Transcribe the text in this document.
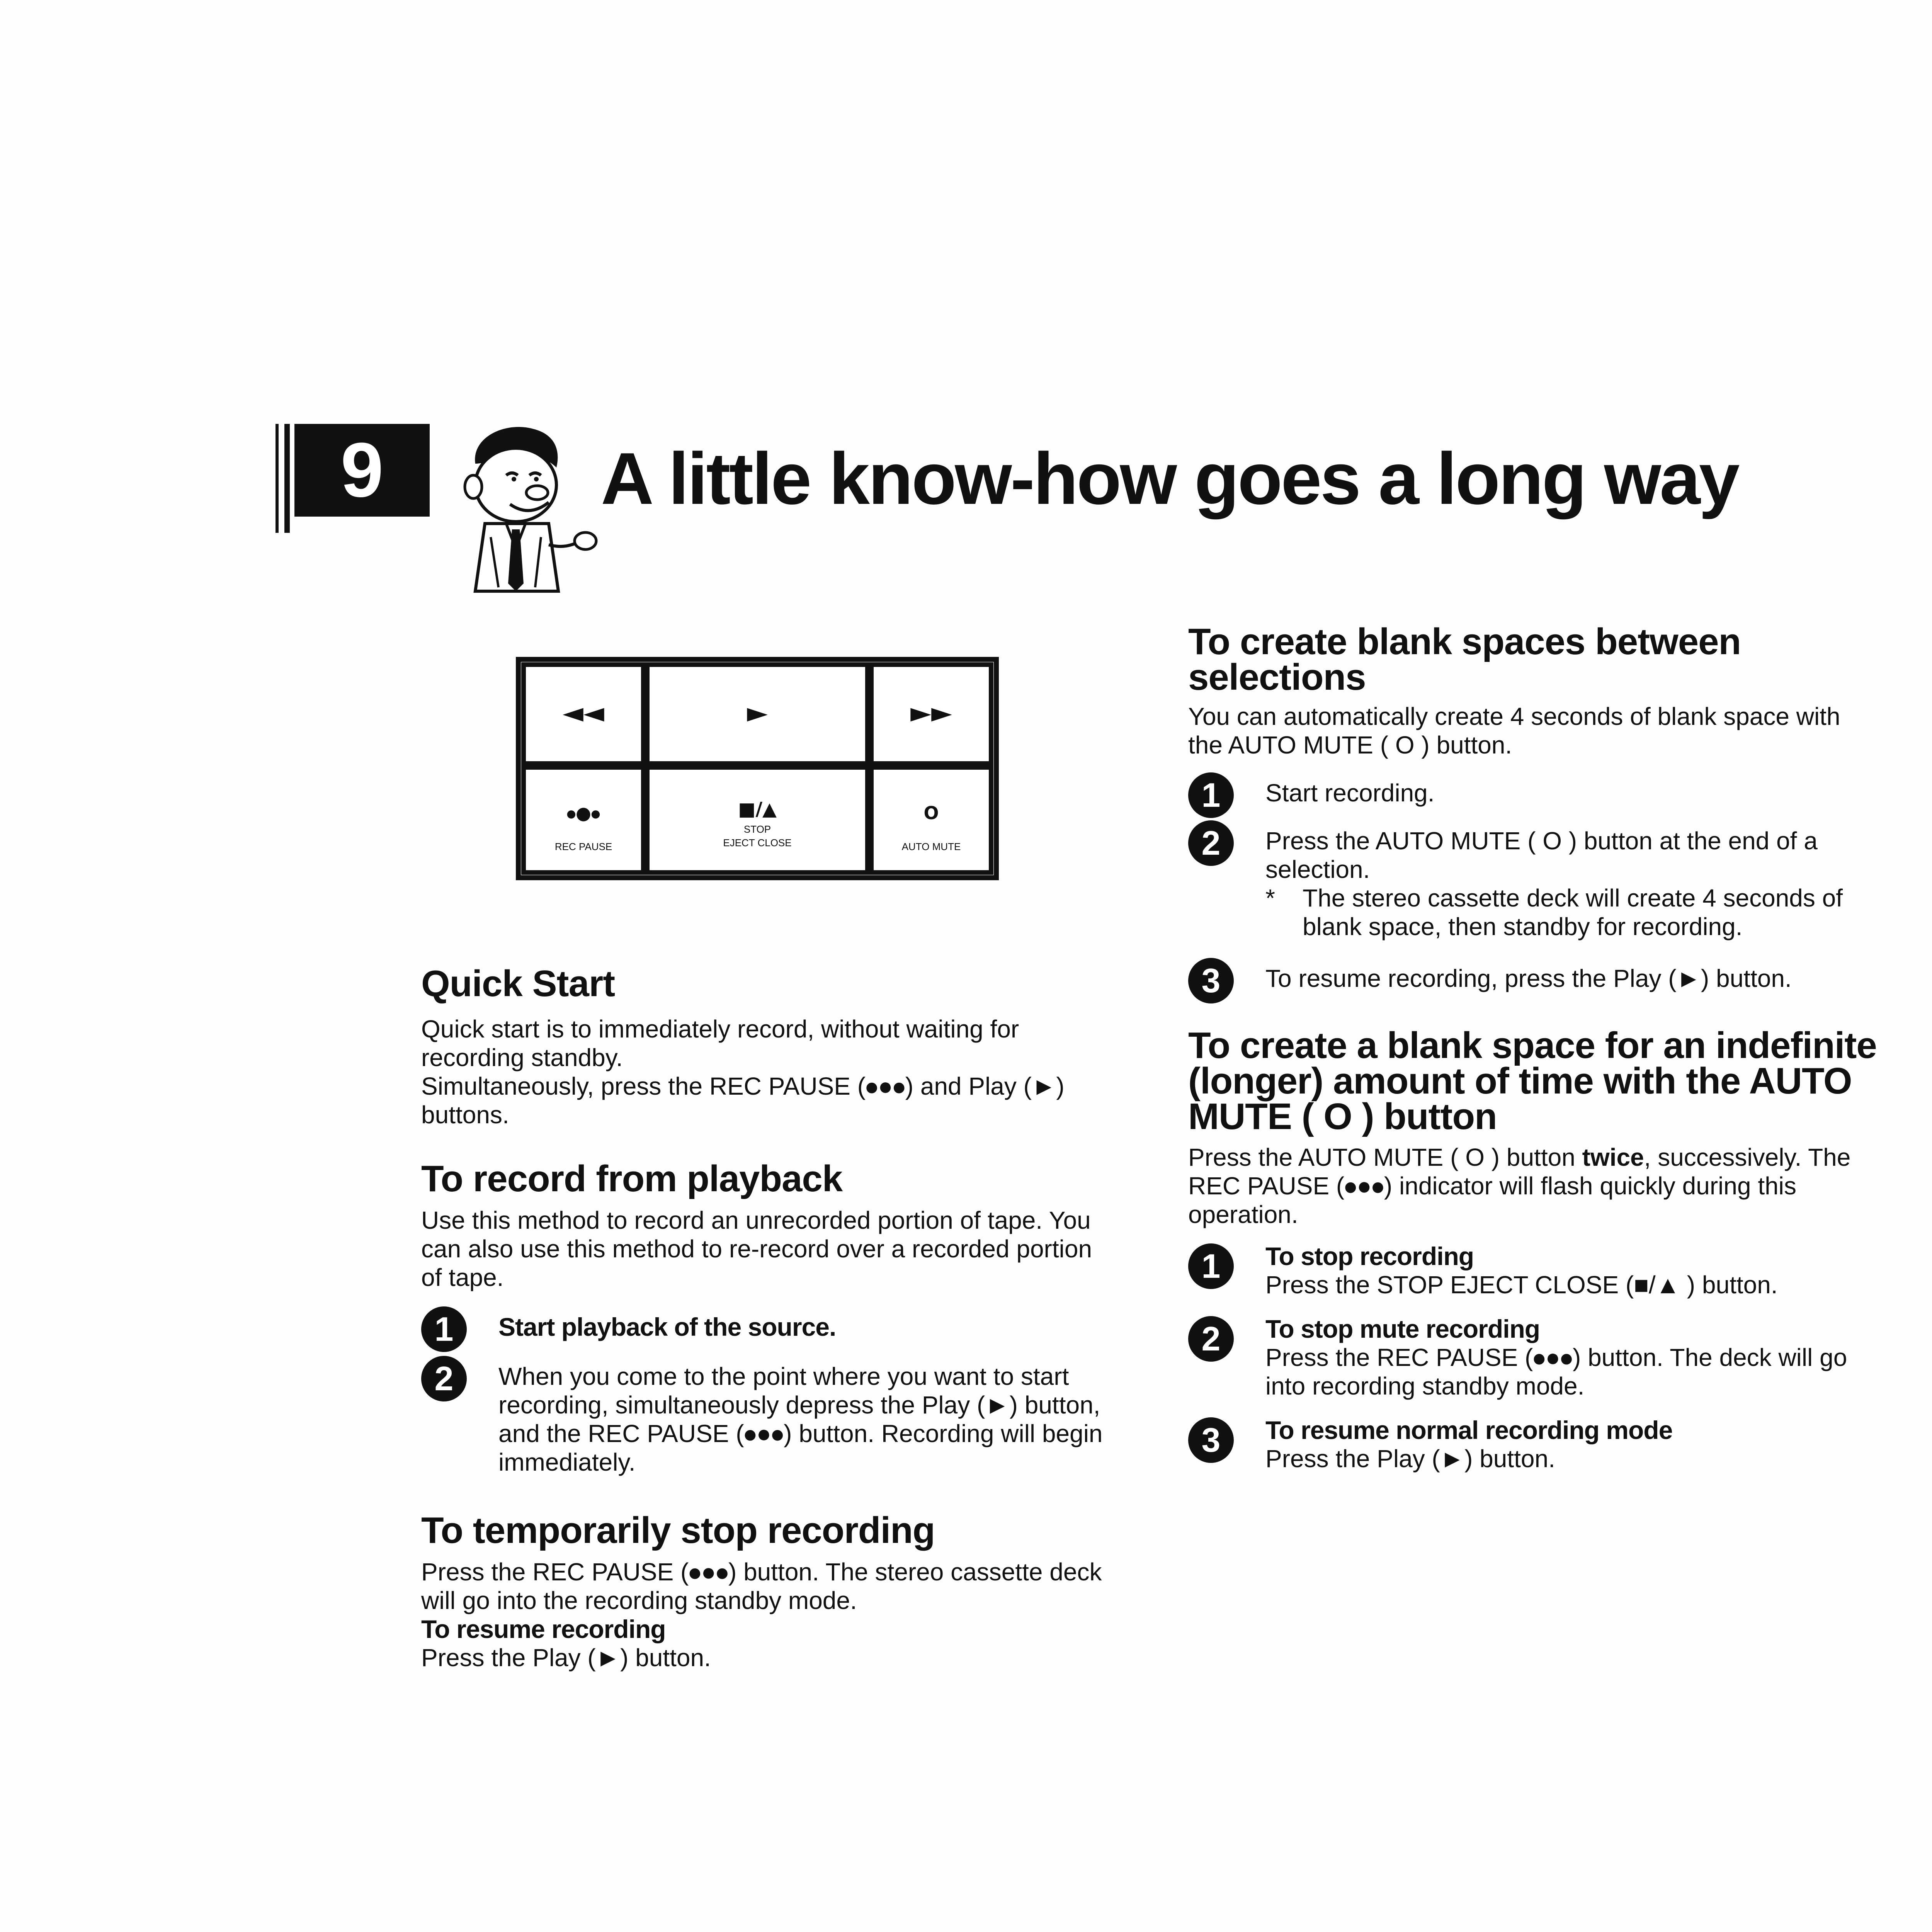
9	A little know-how goes a long way
◄◄	►	►►
⦁●⦁
REC PAUSE
■/▲
STOP
EJECT CLOSE
O
AUTO MUTE
Quick Start

Quick start is to immediately record, without waiting for recording standby.

Simultaneously, press the REC PAUSE (⦁●⦁) and Play (►) buttons.

To record from playback

Use this method to record an unrecorded portion of tape. You can also use this method to re-record over a recorded portion of tape.

1	Start playback of the source.

2	When you come to the point where you want to start recording, simultaneously depress the Play (►) button, and the REC PAUSE (⦁●⦁) button. Recording will begin immediately.

To temporarily stop recording

Press the REC PAUSE (⦁●⦁) button. The stereo cassette deck will go into the recording standby mode.

To resume recording

Press the Play (►) button.

To create blank spaces between selections

You can automatically create 4 seconds of blank space with the AUTO MUTE ( O ) button.

1	Start recording.

2	Press the AUTO MUTE ( O ) button at the end of a selection.

* The stereo cassette deck will create 4 seconds of blank space, then standby for recording.

3	To resume recording, press the Play (►) button.

To create a blank space for an indefinite (longer) amount of time with the AUTO MUTE ( O ) button

Press the AUTO MUTE ( O ) button twice, successively. The REC PAUSE (⦁●⦁) indicator will flash quickly during this operation.

1	To stop recording

Press the STOP EJECT CLOSE (■/▲ ) button.

2	To stop mute recording

Press the REC PAUSE (⦁●⦁) button. The deck will go into recording standby mode.

3	To resume normal recording mode

Press the Play (►) button.
